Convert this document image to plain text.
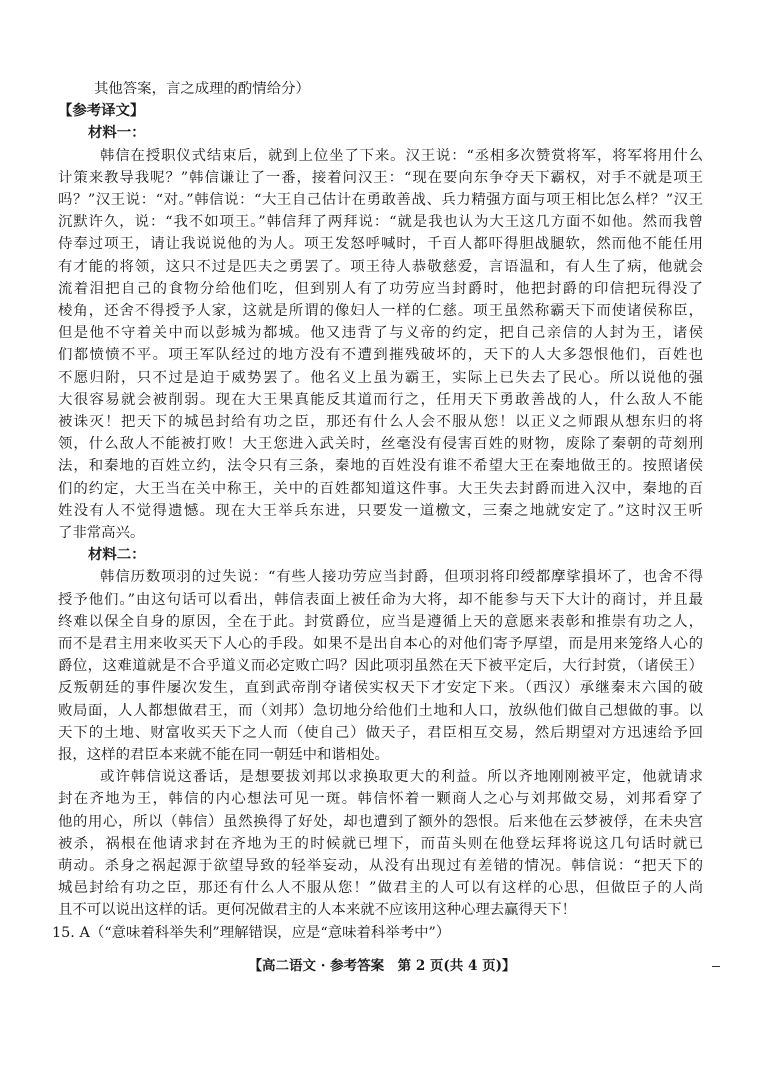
其他答案，言之成理的酌情给分）
【参考译文】
材料一：
韩信在授职仪式结束后，就到上位坐了下来。汉王说：“丞相多次赞赏将军，将军将用什么
计策来教导我呢？”韩信谦让了一番，接着问汉王：“现在要向东争夺天下霸权，对手不就是项王
吗？”汉王说：“对。”韩信说：“大王自己估计在勇敢善战、兵力精强方面与项王相比怎么样？”汉王
沉默许久，说：“我不如项王。”韩信拜了两拜说：“就是我也认为大王这几方面不如他。然而我曾
侍奉过项王，请让我说说他的为人。项王发怒呼喊时，千百人都吓得胆战腿软，然而他不能任用
有才能的将领，这只不过是匹夫之勇罢了。项王待人恭敬慈爱，言语温和，有人生了病，他就会
流着泪把自己的食物分给他们吃，但到别人有了功劳应当封爵时，他把封爵的印信把玩得没了
棱角，还舍不得授予人家，这就是所谓的像妇人一样的仁慈。项王虽然称霸天下而使诸侯称臣，
但是他不守着关中而以彭城为都城。他又违背了与义帝的约定，把自己亲信的人封为王，诸侯
们都愤愤不平。项王军队经过的地方没有不遭到摧残破坏的，天下的人大多怨恨他们，百姓也
不愿归附，只不过是迫于威势罢了。他名义上虽为霸王，实际上已失去了民心。所以说他的强
大很容易就会被削弱。现在大王果真能反其道而行之，任用天下勇敢善战的人，什么敌人不能
被诛灭！把天下的城邑封给有功之臣，那还有什么人会不服从您！以正义之师跟从想东归的将
领，什么敌人不能被打败！大王您进入武关时，丝毫没有侵害百姓的财物，废除了秦朝的苛刻刑
法，和秦地的百姓立约，法令只有三条，秦地的百姓没有谁不希望大王在秦地做王的。按照诸侯
们的约定，大王当在关中称王，关中的百姓都知道这件事。大王失去封爵而进入汉中，秦地的百
姓没有人不觉得遗憾。现在大王举兵东进，只要发一道檄文，三秦之地就安定了。”这时汉王听
了非常高兴。
材料二：
韩信历数项羽的过失说：“有些人接功劳应当封爵，但项羽将印绶都摩挲損坏了，也舍不得
授予他们。”由这句话可以看出，韩信表面上被任命为大将，却不能参与天下大计的商讨，并且最
终难以保全自身的原因，全在于此。封赏爵位，应当是遵循上天的意愿来表彰和推崇有功之人，
而不是君主用来收买天下人心的手段。如果不是出自本心的对他们寄予厚望，而是用来笼络人心的
爵位，这难道就是不合乎道义而必定败亡吗？因此项羽虽然在天下被平定后，大行封赏，（诸侯王）
反叛朝廷的事件屡次发生，直到武帝削夺诸侯实权天下才安定下来。（西汉）承继秦末六国的破
败局面，人人都想做君王，而（刘邦）急切地分给他们土地和人口，放纵他们做自己想做的事。以
天下的土地、财富收买天下之人而（使自己）做天子，君臣相互交易，然后期望对方迅速给予回
报，这样的君臣本来就不能在同一朝廷中和谐相处。
或许韩信说这番话，是想要拔刘邦以求换取更大的利益。所以齐地刚刚被平定，他就请求
封在齐地为王，韩信的内心想法可见一斑。韩信怀着一颗商人之心与刘邦做交易，刘邦看穿了
他的用心，所以（韩信）虽然换得了好处，却也遭到了额外的怨恨。后来他在云梦被俘，在未央宫
被杀，祸根在他请求封在齐地为王的时候就已埋下，而苗头则在他登坛拜将说这几句话时就已
萌动。杀身之祸起源于欲望导致的轻举妄动，从没有出现过有差错的情况。韩信说：“把天下的
城邑封给有功之臣，那还有什么人不服从您！”做君主的人可以有这样的心思，但做臣子的人尚
且不可以说出这样的话。更何况做君主的人本来就不应该用这种心理去赢得天下！
15. A（“意味着科举失利”理解错误，应是“意味着科举考中”）
【高二语文 · 参考答案　第 2 页(共 4 页)】
